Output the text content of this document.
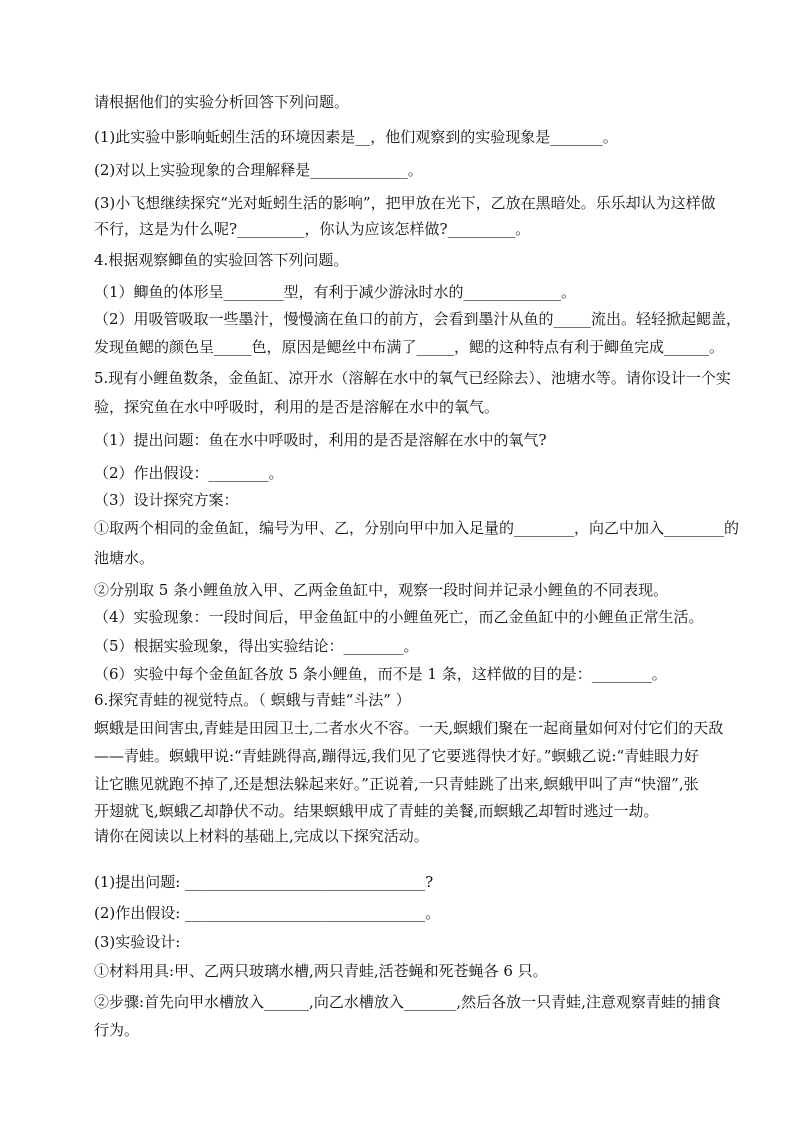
请根据他们的实验分析回答下列问题。
(1)此实验中影响蚯蚓生活的环境因素是__，他们观察到的实验现象是_______。
(2)对以上实验现象的合理解释是_____________。
(3)小飞想继续探究“光对蚯蚓生活的影响”，把甲放在光下，乙放在黑暗处。乐乐却认为这样做
不行，这是为什么呢?_________，你认为应该怎样做?_________。
4.根据观察鲫鱼的实验回答下列问题。
（1）鲫鱼的体形呈________型，有利于减少游泳时水的_____________。
（2）用吸管吸取一些墨汁，慢慢滴在鱼口的前方，会看到墨汁从鱼的_____流出。轻轻掀起鳃盖，
发现鱼鳃的颜色呈_____色，原因是鳃丝中布满了_____，鳃的这种特点有利于鲫鱼完成______。
5.现有小鲤鱼数条，金鱼缸、凉开水（溶解在水中的氧气已经除去）、池塘水等。请你设计一个实
验，探究鱼在水中呼吸时，利用的是否是溶解在水中的氧气。
（1）提出问题：鱼在水中呼吸时，利用的是否是溶解在水中的氧气?
（2）作出假设：________。
（3）设计探究方案：
①取两个相同的金鱼缸，编号为甲、乙，分别向甲中加入足量的________，向乙中加入________的
池塘水。
②分别取 5 条小鲤鱼放入甲、乙两金鱼缸中，观察一段时间并记录小鲤鱼的不同表现。
（4）实验现象：一段时间后，甲金鱼缸中的小鲤鱼死亡，而乙金鱼缸中的小鲤鱼正常生活。
（5）根据实验现象，得出实验结论：________。
（6）实验中每个金鱼缸各放 5 条小鲤鱼，而不是 1 条，这样做的目的是：________。
6.探究青蛙的视觉特点。（ 螟蛾与青蛙“斗法” ）
螟蛾是田间害虫,青蛙是田园卫士,二者水火不容。一天,螟蛾们聚在一起商量如何对付它们的天敌
——青蛙。螟蛾甲说:“青蛙跳得高,蹦得远,我们见了它要逃得快才好。”螟蛾乙说:“青蛙眼力好
让它瞧见就跑不掉了,还是想法躲起来好。”正说着,一只青蛙跳了出来,螟蛾甲叫了声“快溜”,张
开翅就飞,螟蛾乙却静伏不动。结果螟蛾甲成了青蛙的美餐,而螟蛾乙却暂时逃过一劫。
请你在阅读以上材料的基础上,完成以下探究活动。
(1)提出问题: ________________________________?
(2)作出假设: ________________________________。
(3)实验设计:
①材料用具:甲、乙两只玻璃水槽,两只青蛙,活苍蝇和死苍蝇各 6 只。
②步骤:首先向甲水槽放入______,向乙水槽放入_______,然后各放一只青蛙,注意观察青蛙的捕食
行为。
